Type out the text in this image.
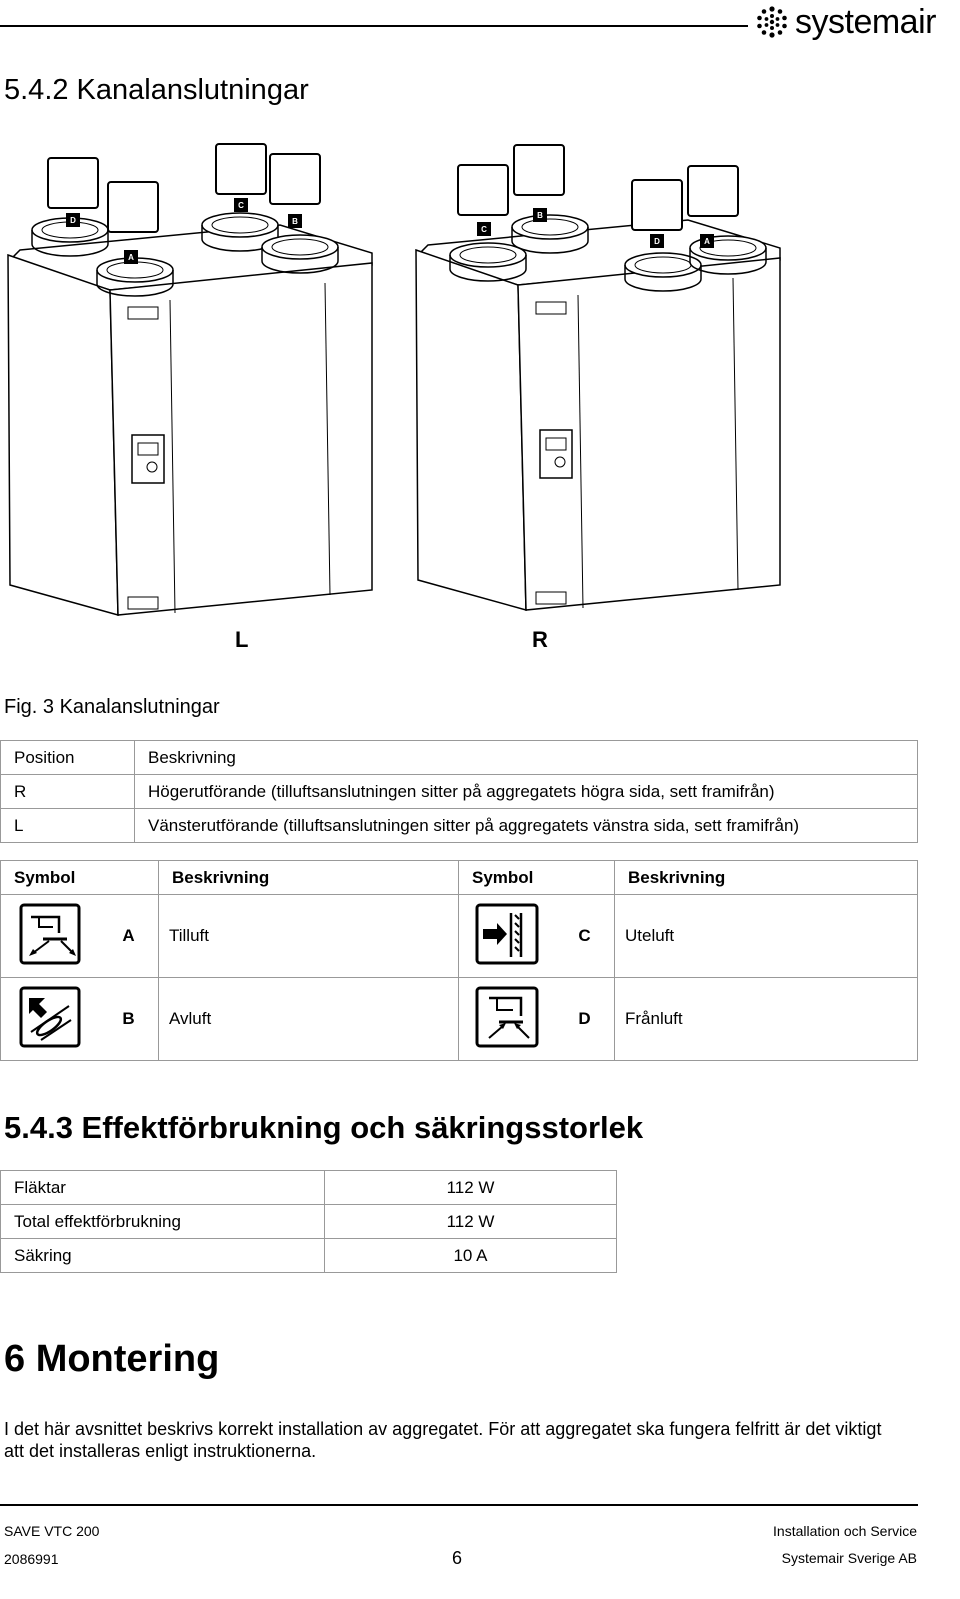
systemair
5.4.2 Kanalanslutningar
D
A
C
B
C
B
D	A
L	R
Fig. 3 Kanalanslutningar
Position	Beskrivning
R	Högerutförande (tilluftsanslutningen sitter på aggregatets högra sida, sett framifrån)
L	Vänsterutförande (tilluftsanslutningen sitter på aggregatets vänstra sida, sett framifrån)
Symbol		Beskrivning	Symbol		Beskrivning
	A	Tilluft		C	Uteluft
	B	Avluft		D	Frånluft
5.4.3 Effektförbrukning och säkringsstorlek
Fläktar	112 W
Total effektförbrukning	112 W
Säkring	10 A
6 Montering
I det här avsnittet beskrivs korrekt installation av aggregatet. För att aggregatet ska fungera felfritt är det viktigt att det installeras enligt instruktionerna.
SAVE VTC 200
2086991	6
Installation och Service
Systemair Sverige AB
